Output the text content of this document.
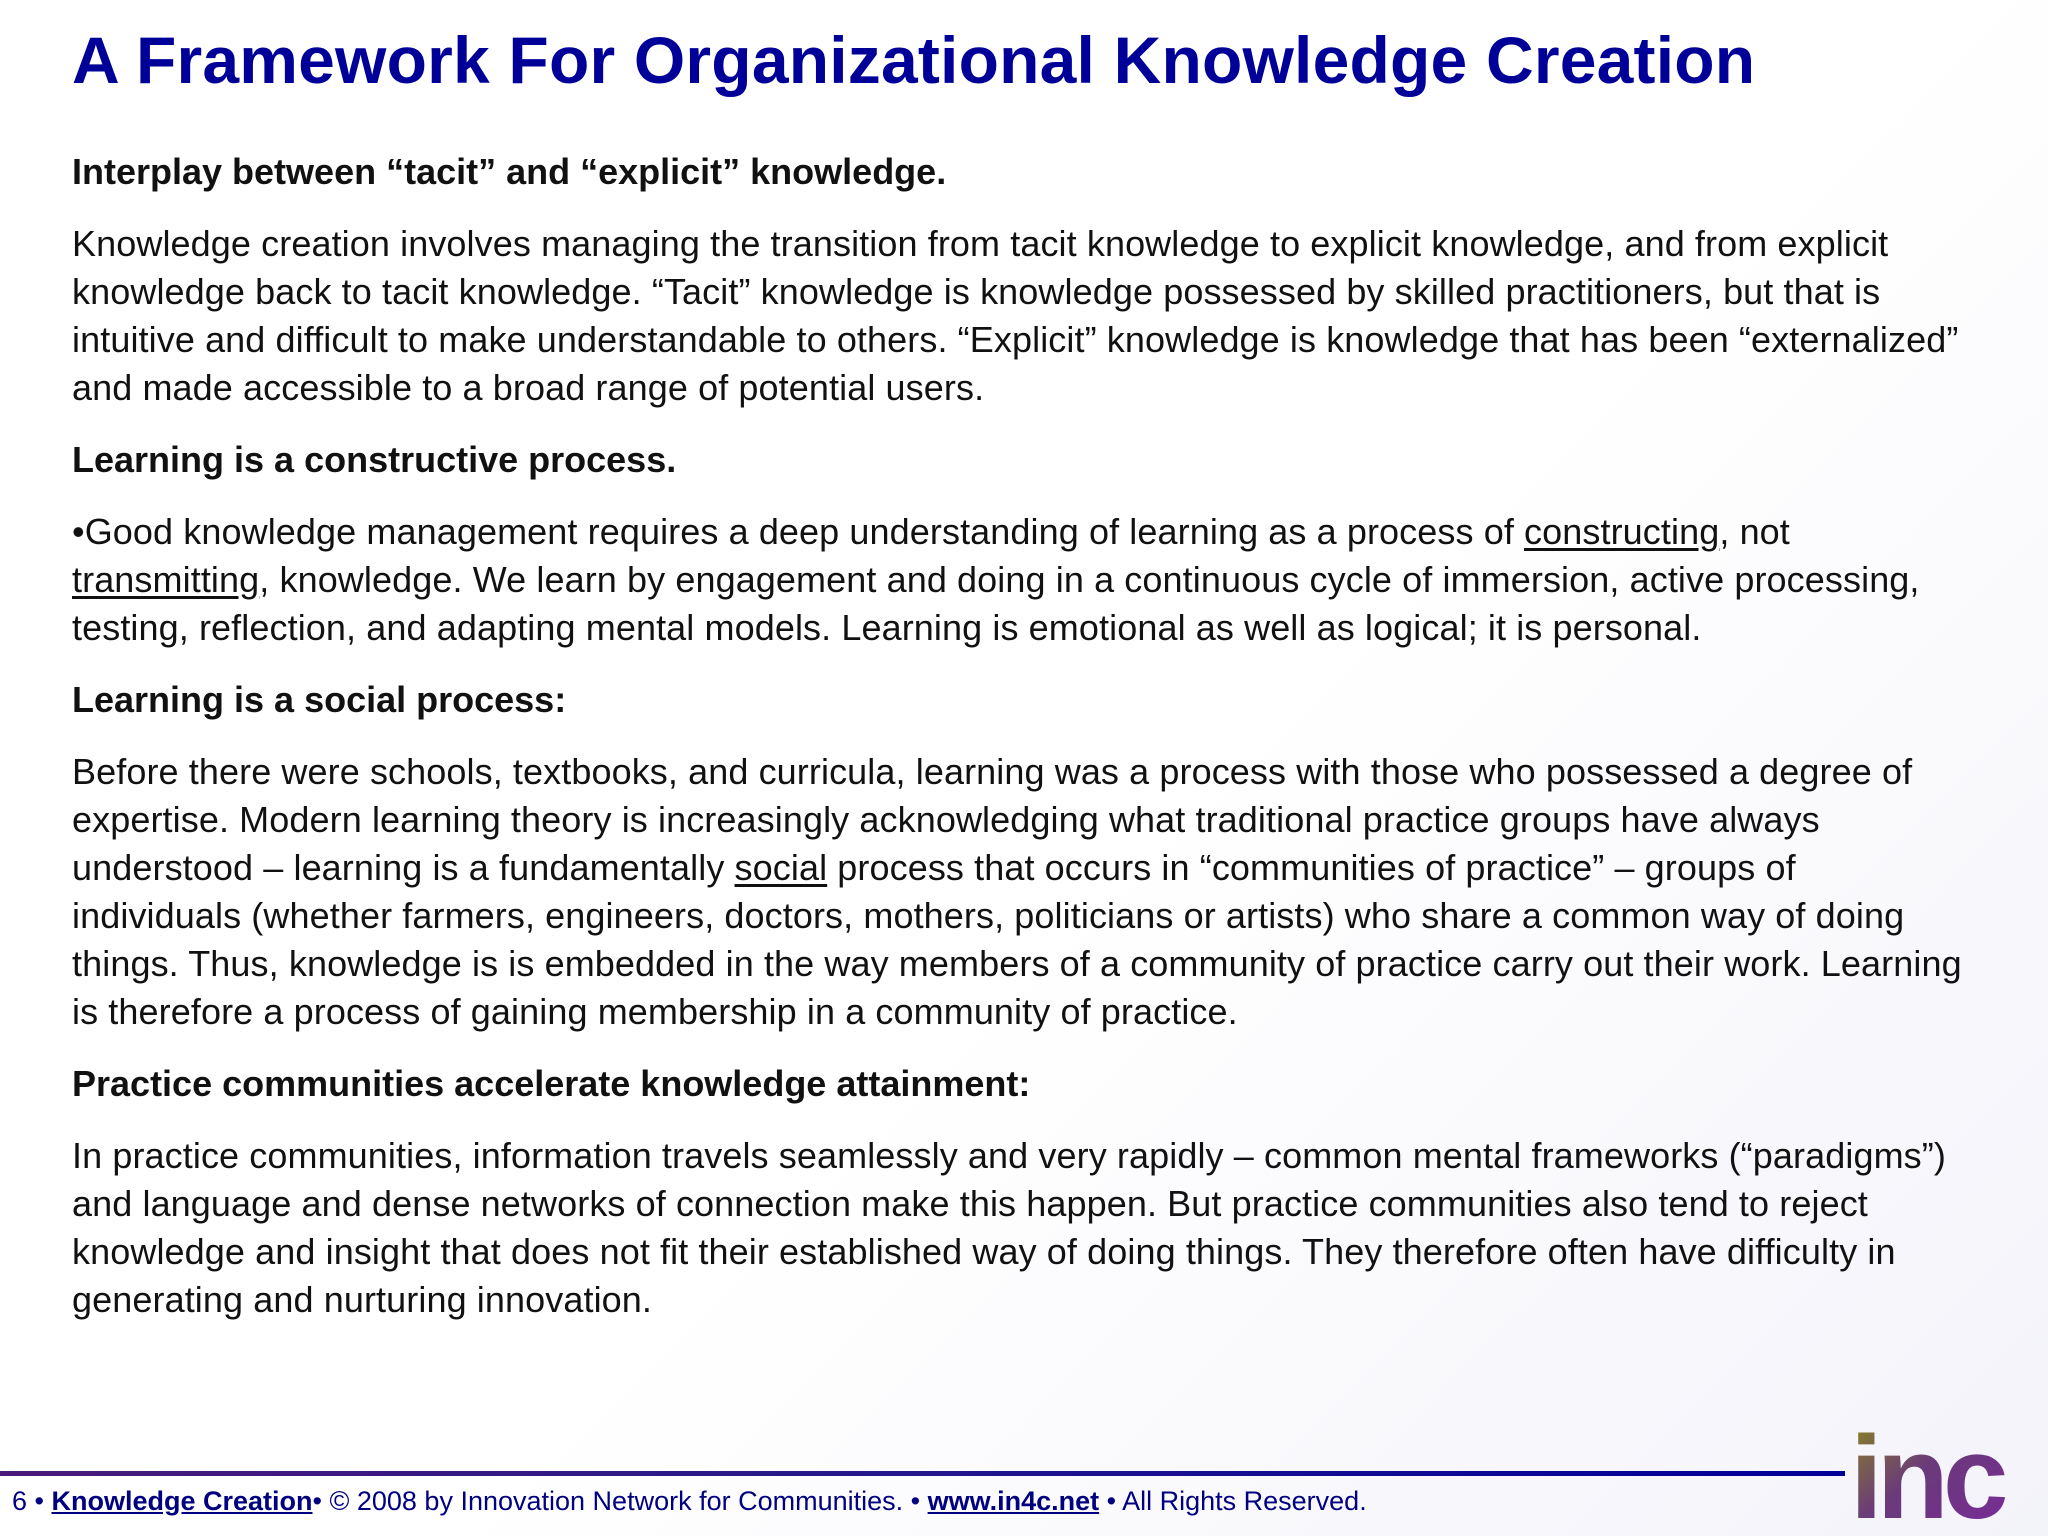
A Framework For Organizational Knowledge Creation
Interplay between “tacit” and “explicit” knowledge.
Knowledge creation involves managing the transition from tacit knowledge to explicit knowledge, and from explicit knowledge back to tacit knowledge. “Tacit” knowledge is knowledge possessed by skilled practitioners, but that is intuitive and difficult to make understandable to others. “Explicit” knowledge is knowledge that has been “externalized” and made accessible to a broad range of potential users.
Learning is a constructive process.
•Good knowledge management requires a deep understanding of learning as a process of constructing, not transmitting, knowledge. We learn by engagement and doing in a continuous cycle of immersion, active processing, testing, reflection, and adapting mental models. Learning is emotional as well as logical; it is personal.
Learning is a social process:
Before there were schools, textbooks, and curricula, learning was a process with those who possessed a degree of expertise. Modern learning theory is increasingly acknowledging what traditional practice groups have always understood – learning is a fundamentally social process that occurs in “communities of practice” – groups of individuals (whether farmers, engineers, doctors, mothers, politicians or artists) who share a common way of doing things. Thus, knowledge is is embedded in the way members of a community of practice carry out their work. Learning is therefore a process of gaining membership in a community of practice.
Practice communities accelerate knowledge attainment:
In practice communities, information travels seamlessly and very rapidly – common mental frameworks (“paradigms”) and language and dense networks of connection make this happen. But practice communities also tend to reject knowledge and insight that does not fit their established way of doing things. They therefore often have difficulty in generating and nurturing innovation.
6 • Knowledge Creation• © 2008 by Innovation Network for Communities. • www.in4c.net • All Rights Reserved.	inc
